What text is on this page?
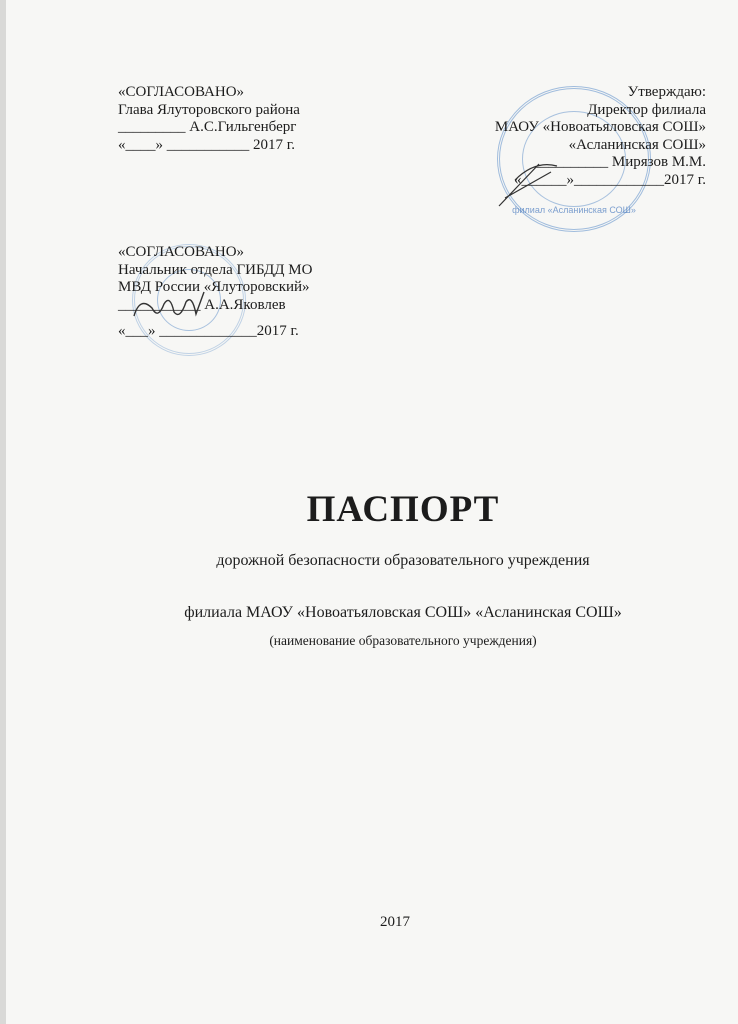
филиал «Асланинская СОШ»
«СОГЛАСОВАНО»
Глава Ялуторовского района
_________ А.С.Гильгенберг
«____» ___________ 2017 г.
«СОГЛАСОВАНО»
Начальник отдела ГИБДД МО
МВД России «Ялуторовский»
___________ А.А.Яковлев
«___» _____________2017 г.
Утверждаю:
Директор филиала
МАОУ «Новоатьяловская СОШ»
«Асланинская СОШ»
__________ Мирязов М.М.
«______»____________2017 г.
ПАСПОРТ
дорожной безопасности образовательного учреждения
филиала МАОУ «Новоатьяловская СОШ» «Асланинская СОШ»
(наименование образовательного учреждения)
2017
